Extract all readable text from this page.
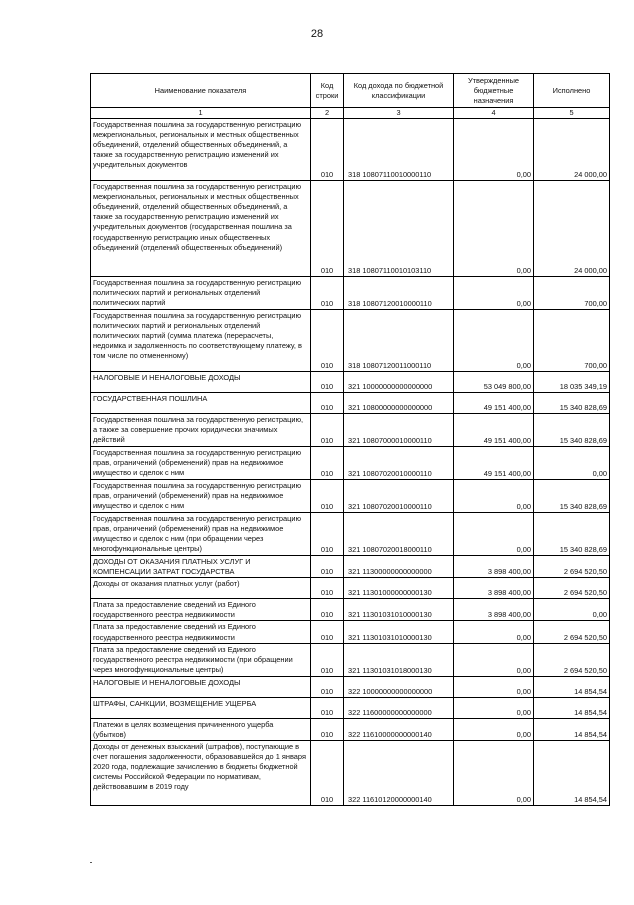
28
Наименование показателя	Код строки	Код дохода по бюджетной классификации	Утвержденные бюджетные назначения	Исполнено
1	2	3	4	5
Государственная пошлина за государственную регистрацию межрегиональных, региональных и местных общественных объединений, отделений общественных объединений, а также за государственную регистрацию изменений их учредительных документов	010	318 10807110010000110	0,00	24 000,00
Государственная пошлина за государственную регистрацию межрегиональных, региональных и местных общественных объединений, отделений общественных объединений, а также за государственную регистрацию изменений их учредительных документов (государственная пошлина за государственную регистрацию иных общественных объединений (отделений общественных объединений)	010	318 10807110010103110	0,00	24 000,00
Государственная пошлина за государственную регистрацию политических партий и региональных отделений политических партий	010	318 10807120010000110	0,00	700,00
Государственная пошлина за государственную регистрацию политических партий и региональных отделений политических партий (сумма платежа (перерасчеты, недоимка и задолженность по соответствующему платежу, в том числе по отмененному)	010	318 10807120011000110	0,00	700,00
НАЛОГОВЫЕ И НЕНАЛОГОВЫЕ ДОХОДЫ	010	321 10000000000000000	53 049 800,00	18 035 349,19
ГОСУДАРСТВЕННАЯ ПОШЛИНА	010	321 10800000000000000	49 151 400,00	15 340 828,69
Государственная пошлина за государственную регистрацию, а также за совершение прочих юридически значимых действий	010	321 10807000010000110	49 151 400,00	15 340 828,69
Государственная пошлина за государственную регистрацию прав, ограничений (обременений) прав на недвижимое имущество и сделок с ним	010	321 10807020010000110	49 151 400,00	0,00
Государственная пошлина за государственную регистрацию прав, ограничений (обременений) прав на недвижимое имущество и сделок с ним	010	321 10807020010000110	0,00	15 340 828,69
Государственная пошлина за государственную регистрацию прав, ограничений (обременений) прав на недвижимое имущество и сделок с ним (при обращении через многофункциональные центры)	010	321 10807020018000110	0,00	15 340 828,69
ДОХОДЫ ОТ ОКАЗАНИЯ ПЛАТНЫХ УСЛУГ И КОМПЕНСАЦИИ ЗАТРАТ ГОСУДАРСТВА	010	321 11300000000000000	3 898 400,00	2 694 520,50
Доходы от оказания платных услуг (работ)	010	321 11301000000000130	3 898 400,00	2 694 520,50
Плата за предоставление сведений из Единого государственного реестра недвижимости	010	321 11301031010000130	3 898 400,00	0,00
Плата за предоставление сведений из Единого государственного реестра недвижимости	010	321 11301031010000130	0,00	2 694 520,50
Плата за предоставление сведений из Единого государственного реестра недвижимости (при обращении через многофункциональные центры)	010	321 11301031018000130	0,00	2 694 520,50
НАЛОГОВЫЕ И НЕНАЛОГОВЫЕ ДОХОДЫ	010	322 10000000000000000	0,00	14 854,54
ШТРАФЫ, САНКЦИИ, ВОЗМЕЩЕНИЕ УЩЕРБА	010	322 11600000000000000	0,00	14 854,54
Платежи в целях возмещения причиненного ущерба (убытков)	010	322 11610000000000140	0,00	14 854,54
Доходы от денежных взысканий (штрафов), поступающие в счет погашения задолженности, образовавшейся до 1 января 2020 года, подлежащие зачислению в бюджеты бюджетной системы Российской Федерации по нормативам, действовавшим в 2019 году	010	322 11610120000000140	0,00	14 854,54
